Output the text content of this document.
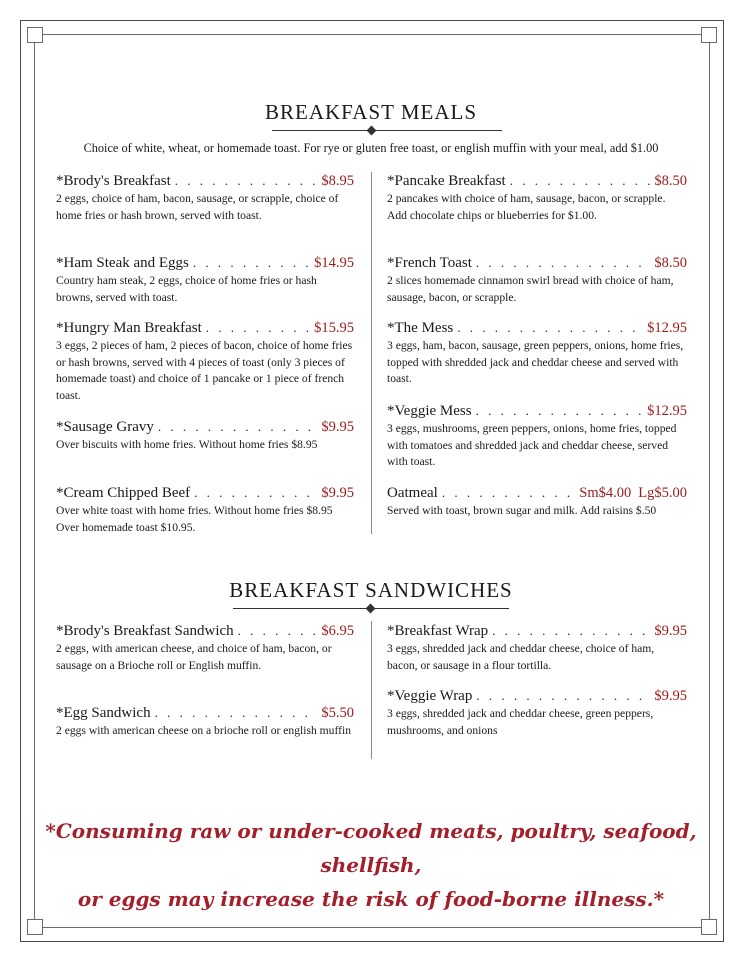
BREAKFAST MEALS
Choice of white, wheat, or homemade toast. For rye or gluten free toast, or english muffin with your meal, add $1.00
*Brody's Breakfast . . .	$8.95
2 eggs, choice of ham, bacon, sausage, or scrapple, choice of home fries or hash brown, served with toast.
*Ham Steak and Eggs . . .	$14.95
Country ham steak, 2 eggs, choice of home fries or hash browns, served with toast.
*Hungry Man Breakfast . . .	$15.95
3 eggs, 2 pieces of ham, 2 pieces of bacon, choice of home fries or hash browns, served with 4 pieces of toast (only 3 pieces of homemade toast) and choice of 1 pancake or 1 piece of french toast.
*Sausage Gravy . . .	$9.95
Over biscuits with home fries. Without home fries $8.95
*Cream Chipped Beef . . .	$9.95
Over white toast with home fries. Without home fries $8.95 Over homemade toast $10.95.
*Pancake Breakfast . . .	$8.50
2 pancakes with choice of ham, sausage, bacon, or scrapple. Add chocolate chips or blueberries for $1.00.
*French Toast . . .	$8.50
2 slices homemade cinnamon swirl bread with choice of ham, sausage, bacon, or scrapple.
*The Mess . . .	$12.95
3 eggs, ham, bacon, sausage, green peppers, onions, home fries, topped with shredded jack and cheddar cheese and served with toast.
*Veggie Mess . . .	$12.95
3 eggs, mushrooms, green peppers, onions, home fries, topped with tomatoes and shredded jack and cheddar cheese, served with toast.
Oatmeal . . .	Sm$4.00 Lg$5.00
Served with toast, brown sugar and milk. Add raisins $.50
BREAKFAST SANDWICHES
*Brody's Breakfast Sandwich . . .	$6.95
2 eggs, with american cheese, and choice of ham, bacon, or sausage on a Brioche roll or English muffin.
*Egg Sandwich . . .	$5.50
2 eggs with american cheese on a brioche roll or english muffin
*Breakfast Wrap . . .	$9.95
3 eggs, shredded jack and cheddar cheese, choice of ham, bacon, or sausage in a flour tortilla.
*Veggie Wrap . . .	$9.95
3 eggs, shredded jack and cheddar cheese, green peppers, mushrooms, and onions
*Consuming raw or under-cooked meats, poultry, seafood, shellfish,
or eggs may increase the risk of food-borne illness.*
